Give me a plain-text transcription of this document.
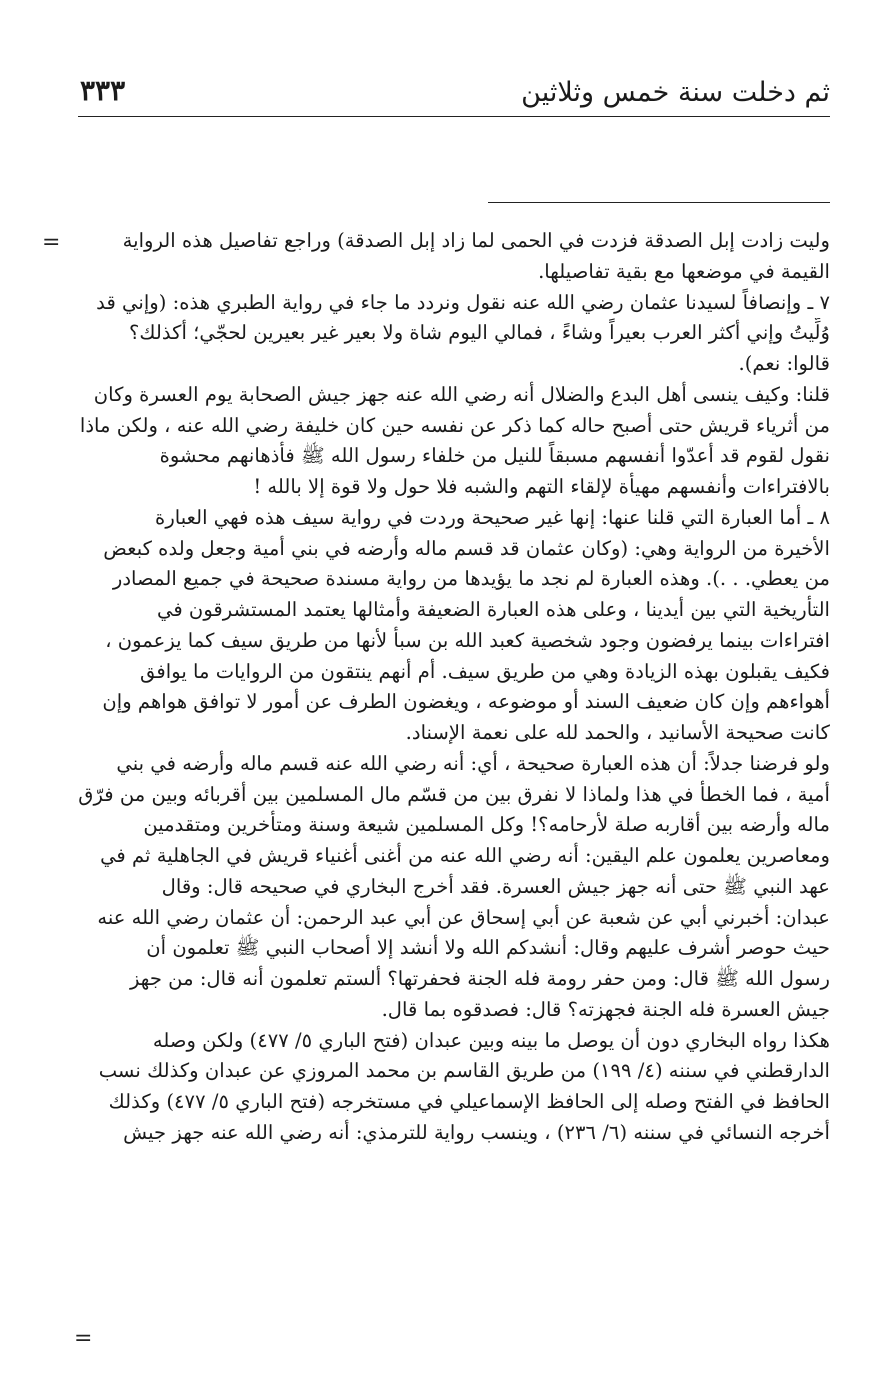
ثم دخلت سنة خمس وثلاثين
٣٣٣
=	وليت زادت إبل الصدقة فزدت في الحمى لما زاد إبل الصدقة) وراجع تفاصيل هذه الرواية
القيمة في موضعها مع بقية تفاصيلها.
٧ ـ وإنصافاً لسيدنا عثمان رضي الله عنه نقول ونردد ما جاء في رواية الطبري هذه: (وإني قد
وُلِّيتُ وإني أكثر العرب بعيراً وشاءً ، فمالي اليوم شاة ولا بعير غير بعيرين لحجّي؛ أكذلك؟
قالوا: نعم).
قلنا: وكيف ينسى أهل البدع والضلال أنه رضي الله عنه جهز جيش الصحابة يوم العسرة وكان
من أثرياء قريش حتى أصبح حاله كما ذكر عن نفسه حين كان خليفة رضي الله عنه ، ولكن ماذا
نقول لقوم قد أعدّوا أنفسهم مسبقاً للنيل من خلفاء رسول الله ﷺ فأذهانهم محشوة
بالافتراءات وأنفسهم مهيأة لإلقاء التهم والشبه فلا حول ولا قوة إلا بالله !
٨ ـ أما العبارة التي قلنا عنها: إنها غير صحيحة وردت في رواية سيف هذه فهي العبارة
الأخيرة من الرواية وهي: (وكان عثمان قد قسم ماله وأرضه في بني أمية وجعل ولده كبعض
من يعطي. . .). وهذه العبارة لم نجد ما يؤيدها من رواية مسندة صحيحة في جميع المصادر
التأريخية التي بين أيدينا ، وعلى هذه العبارة الضعيفة وأمثالها يعتمد المستشرقون في
افتراءات بينما يرفضون وجود شخصية كعبد الله بن سبأ لأنها من طريق سيف كما يزعمون ،
فكيف يقبلون بهذه الزيادة وهي من طريق سيف. أم أنهم ينتقون من الروايات ما يوافق
أهواءهم وإن كان ضعيف السند أو موضوعه ، ويغضون الطرف عن أمور لا توافق هواهم وإن
كانت صحيحة الأسانيد ، والحمد لله على نعمة الإسناد.
ولو فرضنا جدلاً: أن هذه العبارة صحيحة ، أي: أنه رضي الله عنه قسم ماله وأرضه في بني
أمية ، فما الخطأ في هذا ولماذا لا نفرق بين من قسّم مال المسلمين بين أقربائه وبين من فرّق
ماله وأرضه بين أقاربه صلة لأرحامه؟! وكل المسلمين شيعة وسنة ومتأخرين ومتقدمين
ومعاصرين يعلمون علم اليقين: أنه رضي الله عنه من أغنى أغنياء قريش في الجاهلية ثم في
عهد النبي ﷺ حتى أنه جهز جيش العسرة. فقد أخرج البخاري في صحيحه قال: وقال
عبدان: أخبرني أبي عن شعبة عن أبي إسحاق عن أبي عبد الرحمن: أن عثمان رضي الله عنه
حيث حوصر أشرف عليهم وقال: أنشدكم الله ولا أنشد إلا أصحاب النبي ﷺ تعلمون أن
رسول الله ﷺ قال: ومن حفر رومة فله الجنة فحفرتها؟ ألستم تعلمون أنه قال: من جهز
جيش العسرة فله الجنة فجهزته؟ قال: فصدقوه بما قال.
هكذا رواه البخاري دون أن يوصل ما بينه وبين عبدان (فتح الباري ٥/ ٤٧٧) ولكن وصله
الدارقطني في سننه (٤/ ١٩٩) من طريق القاسم بن محمد المروزي عن عبدان وكذلك نسب
الحافظ في الفتح وصله إلى الحافظ الإسماعيلي في مستخرجه (فتح الباري ٥/ ٤٧٧) وكذلك
أخرجه النسائي في سننه (٦/ ٢٣٦) ، وينسب رواية للترمذي: أنه رضي الله عنه جهز جيش
=
